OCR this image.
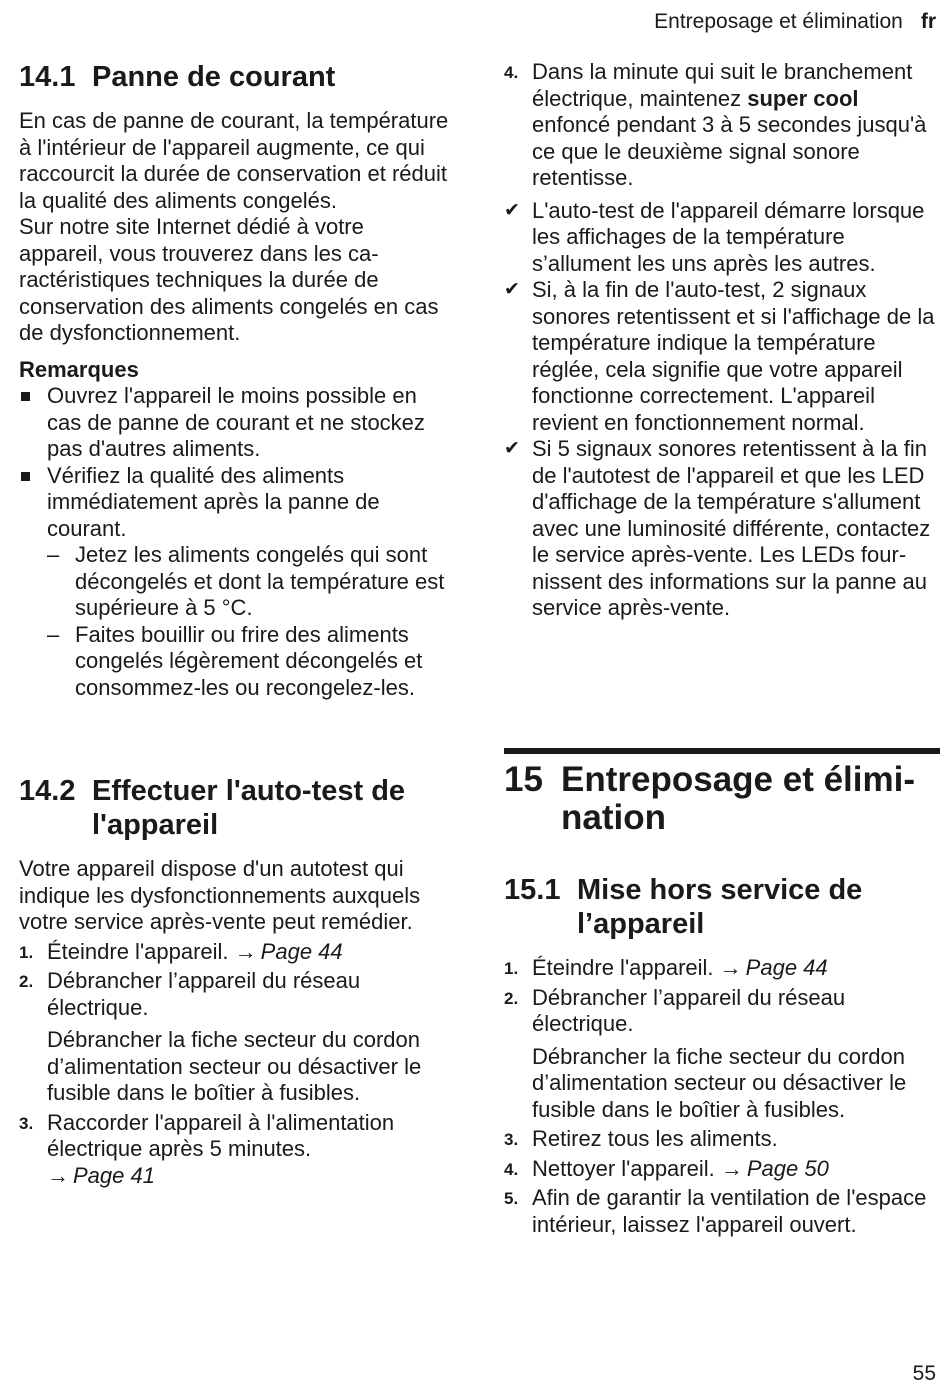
Entreposage et élimination fr
14.1 Panne de courant

En cas de panne de courant, la température à l'intérieur de l'appareil augmente, ce qui raccourcit la durée de conservation et réduit la qualité des aliments congelés.

Sur notre site Internet dédié à votre appareil, vous trouverez dans les caractéristiques techniques la durée de conservation des aliments congelés en cas de dysfonctionnement.

Remarques

Ouvrez l'appareil le moins possible en cas de panne de courant et ne stockez pas d'autres aliments.
Vérifiez la qualité des aliments immédiatement après la panne de courant.
– Jetez les aliments congelés qui sont décongelés et dont la température est supérieure à 5 °C.
– Faites bouillir ou frire des aliments congelés légèrement décongelés et consommez-les ou recongelez-les.
14.2 Effectuer l'auto-test de
l'appareil

Votre appareil dispose d'un autotest qui indique les dysfonctionnements auxquels votre service après-vente peut remédier.

1. Éteindre l'appareil. → Page 44
2. Débrancher l’appareil du réseau électrique.
Débrancher la fiche secteur du cordon d’alimentation secteur ou désactiver le fusible dans le boîtier à fusibles.
3. Raccorder l'appareil à l'alimentation électrique après 5 minutes.
→ Page 41
4. Dans la minute qui suit le branchement électrique, maintenez super cool enfoncé pendant 3 à 5 secondes jusqu'à ce que le deuxième signal sonore retentisse.
✔ L'auto-test de l'appareil démarre lorsque les affichages de la température s’allument les uns après les autres.
✔ Si, à la fin de l'auto-test, 2 signaux sonores retentissent et si l'affichage de la température indique la température réglée, cela signifie que votre appareil fonctionne correctement. L'appareil revient en fonctionnement normal.
✔ Si 5 signaux sonores retentissent à la fin de l'autotest de l'appareil et que les LED d'affichage de la température s'allument avec une luminosité différente, contactez le service après-vente. Les LEDs fournissent des informations sur la panne au service après-vente.
15 Entreposage et élimination
15.1 Mise hors service de
l’appareil
1. Éteindre l'appareil. → Page 44
2. Débrancher l’appareil du réseau électrique.
Débrancher la fiche secteur du cordon d’alimentation secteur ou désactiver le fusible dans le boîtier à fusibles.
3. Retirez tous les aliments.
4. Nettoyer l'appareil. → Page 50
5. Afin de garantir la ventilation de l'espace intérieur, laissez l'appareil ouvert.
55
